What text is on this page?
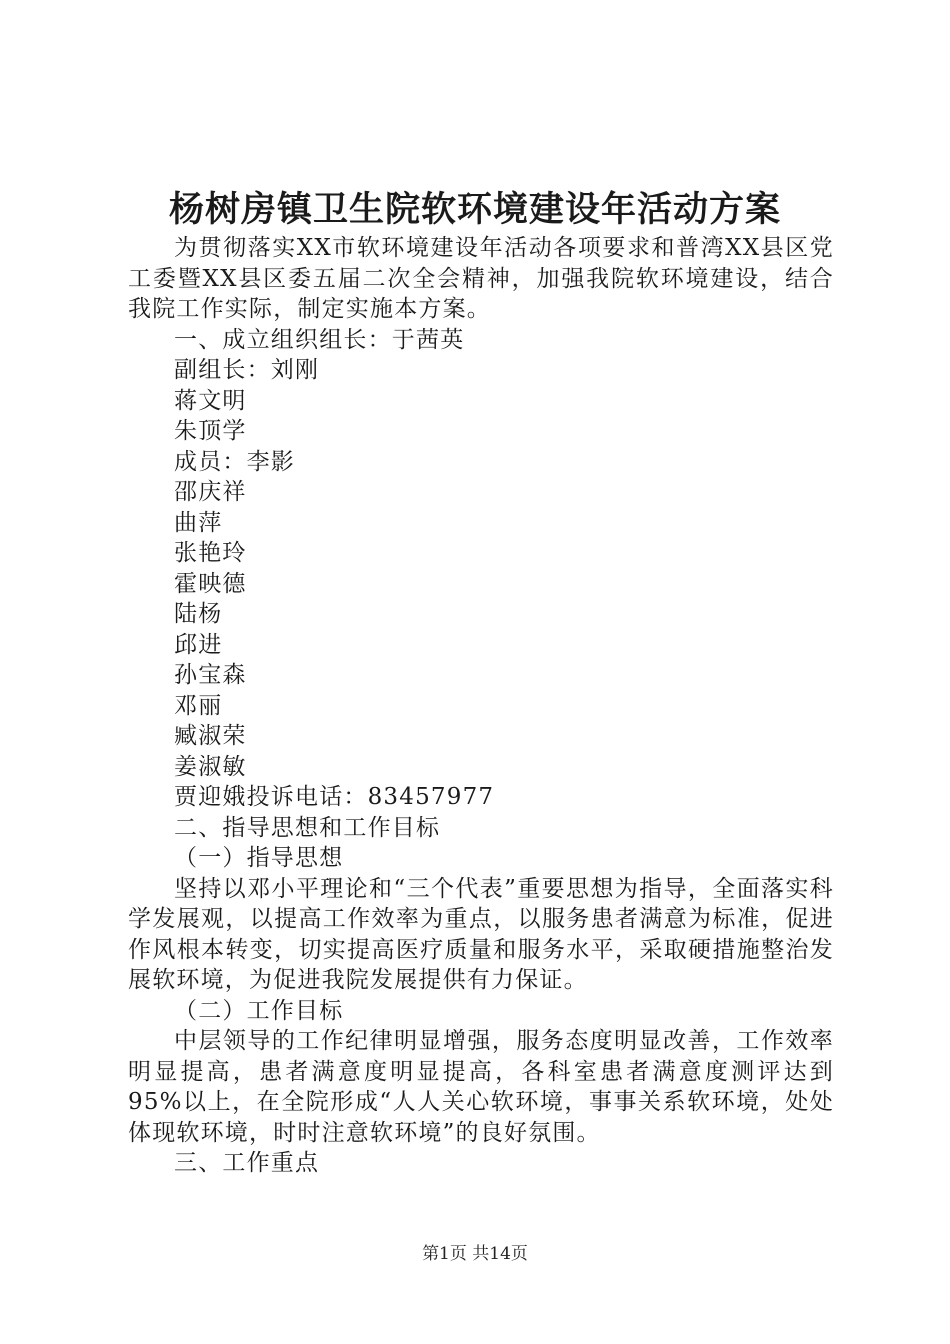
杨树房镇卫生院软环境建设年活动方案

为贯彻落实XX市软环境建设年活动各项要求和普湾XX县区党工委暨XX县区委五届二次全会精神，加强我院软环境建设，结合我院工作实际，制定实施本方案。

一、成立组织组长：于茜英

副组长：刘刚

蒋文明

朱顶学

成员：李影

邵庆祥

曲萍

张艳玲

霍映德

陆杨

邱进

孙宝森

邓丽

臧淑荣

姜淑敏

贾迎娥投诉电话：83457977

二、指导思想和工作目标

（一）指导思想

坚持以邓小平理论和“三个代表”重要思想为指导，全面落实科学发展观，以提高工作效率为重点，以服务患者满意为标准，促进作风根本转变，切实提高医疗质量和服务水平，采取硬措施整治发展软环境，为促进我院发展提供有力保证。

（二）工作目标

中层领导的工作纪律明显增强，服务态度明显改善，工作效率明显提高，患者满意度明显提高，各科室患者满意度测评达到95%以上，在全院形成“人人关心软环境，事事关系软环境，处处体现软环境，时时注意软环境”的良好氛围。

三、工作重点

第1页 共14页
